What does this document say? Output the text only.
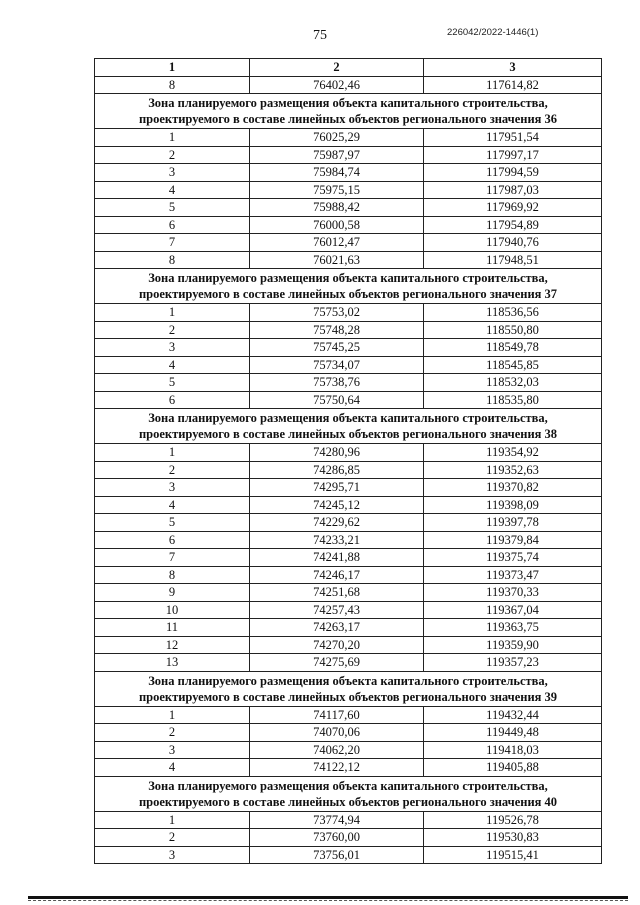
75	226042/2022-1446(1)
1	2	3
8	76402,46	117614,82

Зона планируемого размещения объекта капитального строительства,
проектируемого в составе линейных объектов регионального значения 36		

1	76025,29	117951,54
2	75987,97	117997,17
3	75984,74	117994,59
4	75975,15	117987,03
5	75988,42	117969,92
6	76000,58	117954,89
7	76012,47	117940,76
8	76021,63	117948,51

Зона планируемого размещения объекта капитального строительства,
проектируемого в составе линейных объектов регионального значения 37		

1	75753,02	118536,56
2	75748,28	118550,80
3	75745,25	118549,78
4	75734,07	118545,85
5	75738,76	118532,03
6	75750,64	118535,80

Зона планируемого размещения объекта капитального строительства,
проектируемого в составе линейных объектов регионального значения 38		

1	74280,96	119354,92
2	74286,85	119352,63
3	74295,71	119370,82
4	74245,12	119398,09
5	74229,62	119397,78
6	74233,21	119379,84
7	74241,88	119375,74
8	74246,17	119373,47
9	74251,68	119370,33
10	74257,43	119367,04
11	74263,17	119363,75
12	74270,20	119359,90
13	74275,69	119357,23

Зона планируемого размещения объекта капитального строительства,
проектируемого в составе линейных объектов регионального значения 39		

1	74117,60	119432,44
2	74070,06	119449,48
3	74062,20	119418,03
4	74122,12	119405,88

Зона планируемого размещения объекта капитального строительства,
проектируемого в составе линейных объектов регионального значения 40		

1	73774,94	119526,78
2	73760,00	119530,83
3	73756,01	119515,41
